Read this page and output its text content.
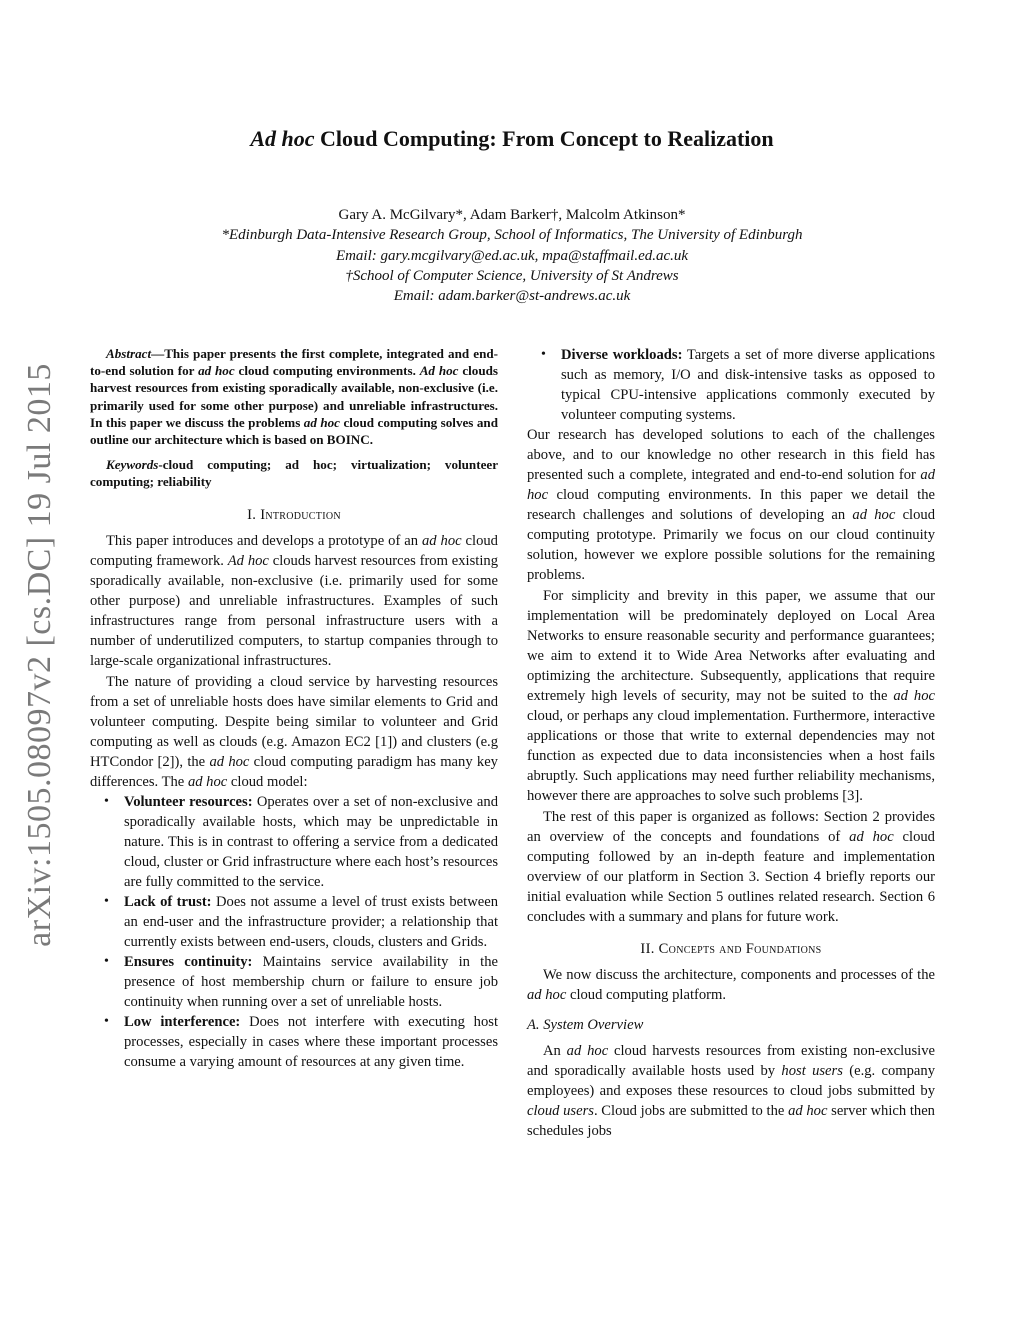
arXiv:1505.08097v2 [cs.DC] 19 Jul 2015
Ad hoc Cloud Computing: From Concept to Realization
Gary A. McGilvary*, Adam Barker†, Malcolm Atkinson*
*Edinburgh Data-Intensive Research Group, School of Informatics, The University of Edinburgh
Email: gary.mcgilvary@ed.ac.uk, mpa@staffmail.ed.ac.uk
†School of Computer Science, University of St Andrews
Email: adam.barker@st-andrews.ac.uk

Abstract—This paper presents the first complete, integrated and end-to-end solution for ad hoc cloud computing environments. Ad hoc clouds harvest resources from existing sporadically available, non-exclusive (i.e. primarily used for some other purpose) and unreliable infrastructures. In this paper we discuss the problems ad hoc cloud computing solves and outline our architecture which is based on BOINC.

Keywords-cloud computing; ad hoc; virtualization; volunteer computing; reliability

I. Introduction

This paper introduces and develops a prototype of an ad hoc cloud computing framework. Ad hoc clouds harvest resources from existing sporadically available, non-exclusive (i.e. primarily used for some other purpose) and unreliable infrastructures. Examples of such infrastructures range from personal infrastructure users with a number of underutilized computers, to startup companies through to large-scale organizational infrastructures.

The nature of providing a cloud service by harvesting resources from a set of unreliable hosts does have similar elements to Grid and volunteer computing. Despite being similar to volunteer and Grid computing as well as clouds (e.g. Amazon EC2 [1]) and clusters (e.g HTCondor [2]), the ad hoc cloud computing paradigm has many key differences. The ad hoc cloud model:

• Volunteer resources: Operates over a set of non-exclusive and sporadically available hosts, which may be unpredictable in nature. This is in contrast to offering a service from a dedicated cloud, cluster or Grid infrastructure where each host’s resources are fully committed to the service.
• Lack of trust: Does not assume a level of trust exists between an end-user and the infrastructure provider; a relationship that currently exists between end-users, clouds, clusters and Grids.
• Ensures continuity: Maintains service availability in the presence of host membership churn or failure to ensure job continuity when running over a set of unreliable hosts.
• Low interference: Does not interfere with executing host processes, especially in cases where these important processes consume a varying amount of resources at any given time.
• Diverse workloads: Targets a set of more diverse applications such as memory, I/O and disk-intensive tasks as opposed to typical CPU-intensive applications commonly executed by volunteer computing systems.

Our research has developed solutions to each of the challenges above, and to our knowledge no other research in this field has presented such a complete, integrated and end-to-end solution for ad hoc cloud computing environments. In this paper we detail the research challenges and solutions of developing an ad hoc cloud computing prototype. Primarily we focus on our cloud continuity solution, however we explore possible solutions for the remaining problems.

For simplicity and brevity in this paper, we assume that our implementation will be predominately deployed on Local Area Networks to ensure reasonable security and performance guarantees; we aim to extend it to Wide Area Networks after evaluating and optimizing the architecture. Subsequently, applications that require extremely high levels of security, may not be suited to the ad hoc cloud, or perhaps any cloud implementation. Furthermore, interactive applications or those that write to external dependencies may not function as expected due to data inconsistencies when a host fails abruptly. Such applications may need further reliability mechanisms, however there are approaches to solve such problems [3].

The rest of this paper is organized as follows: Section 2 provides an overview of the concepts and foundations of ad hoc cloud computing followed by an in-depth feature and implementation overview of our platform in Section 3. Section 4 briefly reports our initial evaluation while Section 5 outlines related research. Section 6 concludes with a summary and plans for future work.

II. Concepts and Foundations

We now discuss the architecture, components and processes of the ad hoc cloud computing platform.

A. System Overview

An ad hoc cloud harvests resources from existing non-exclusive and sporadically available hosts used by host users (e.g. company employees) and exposes these resources to cloud jobs submitted by cloud users. Cloud jobs are submitted to the ad hoc server which then schedules jobs
